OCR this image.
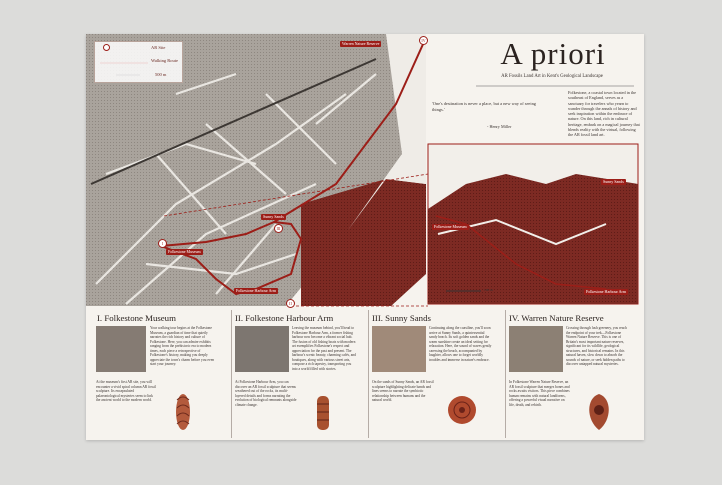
AR Site
Walking Route
500 m
I
Folkestone Museum
II
Folkestone Harbour Arm
III
Sunny Sands
IV
Warren Nature Reserve
Folkestone Museum
Sunny Sands
Folkestone Harbour Arm
100 m
A priori
AR Fossils Land Art in Kent's Geological Landscape
'One's destination is never a place, but a new way of seeing things.'
- Henry Miller
Folkestone, a coastal town located in the southeast of England, serves as a sanctuary for travelers who yearn to wander through the annals of history and seek inspiration within the embrace of nature. On this land, rich in cultural heritage, embark on a magical journey that blends reality with the virtual, following the AR fossil land art.
I. Folkestone Museum
Your walking tour begins at the Folkestone Museum, a guardian of time that quietly narrates the rich history and culture of Folkestone. Here, you can admire exhibits ranging from the prehistoric era to modern times, each piece a retrospective of Folkestone's history, making you deeply appreciate the town's charm before you even start your journey.
At the museum's first AR site, you will encounter a vivid spiral column AR fossil sculpture. Its encapsulated palaeontological mysteries seem to link the ancient world to the modern world.
II. Folkestone Harbour Arm
Leaving the museum behind, you'll head to Folkestone Harbour Arm, a former fishing harbour now become a vibrant social hub. The fusion of old fishing boats with modern art exemplifies Folkestone's respect and appreciation for the past and present. The harbour's scenic beauty, charming cafés, and boutiques, along with various street arts, compose a rich tapestry, transporting you into a world filled with stories.
At Folkestone Harbour Arm, you can discover an AR fossil sculpture that seems weathered out of the rocks, its multi-layered details and forms narrating the evolution of biological remnants alongside climate change.
III. Sunny Sands
Continuing along the coastline, you'll soon arrive at Sunny Sands, a quintessential sandy beach. Its soft golden sands and the warm sunshine create an ideal setting for relaxation. Here, the sound of waves gently caressing the beach, accompanied by laughter, allows one to forget worldly troubles and immerse in nature's embrace.
On the sands of Sunny Sands, an AR fossil sculpture highlighting delicate bands and lines seems to narrate the symbiotic relationship between humans and the natural world.
IV. Warren Nature Reserve
Crossing through lush greenery, you reach the endpoint of your trek—Folkestone Warren Nature Reserve. This is one of Britain's most important nature reserves, significant for its wildlife, geological structures, and historical remains. In this natural haven, slow down to absorb the sounds of nature, or seek hidden paths to discover untapped natural mysteries.
In Folkestone Warren Nature Reserve, an AR fossil sculpture that merges bones and rocks awaits visitors. This piece combines human remains with natural landforms, offering a powerful visual narrative on life, death, and rebirth.
